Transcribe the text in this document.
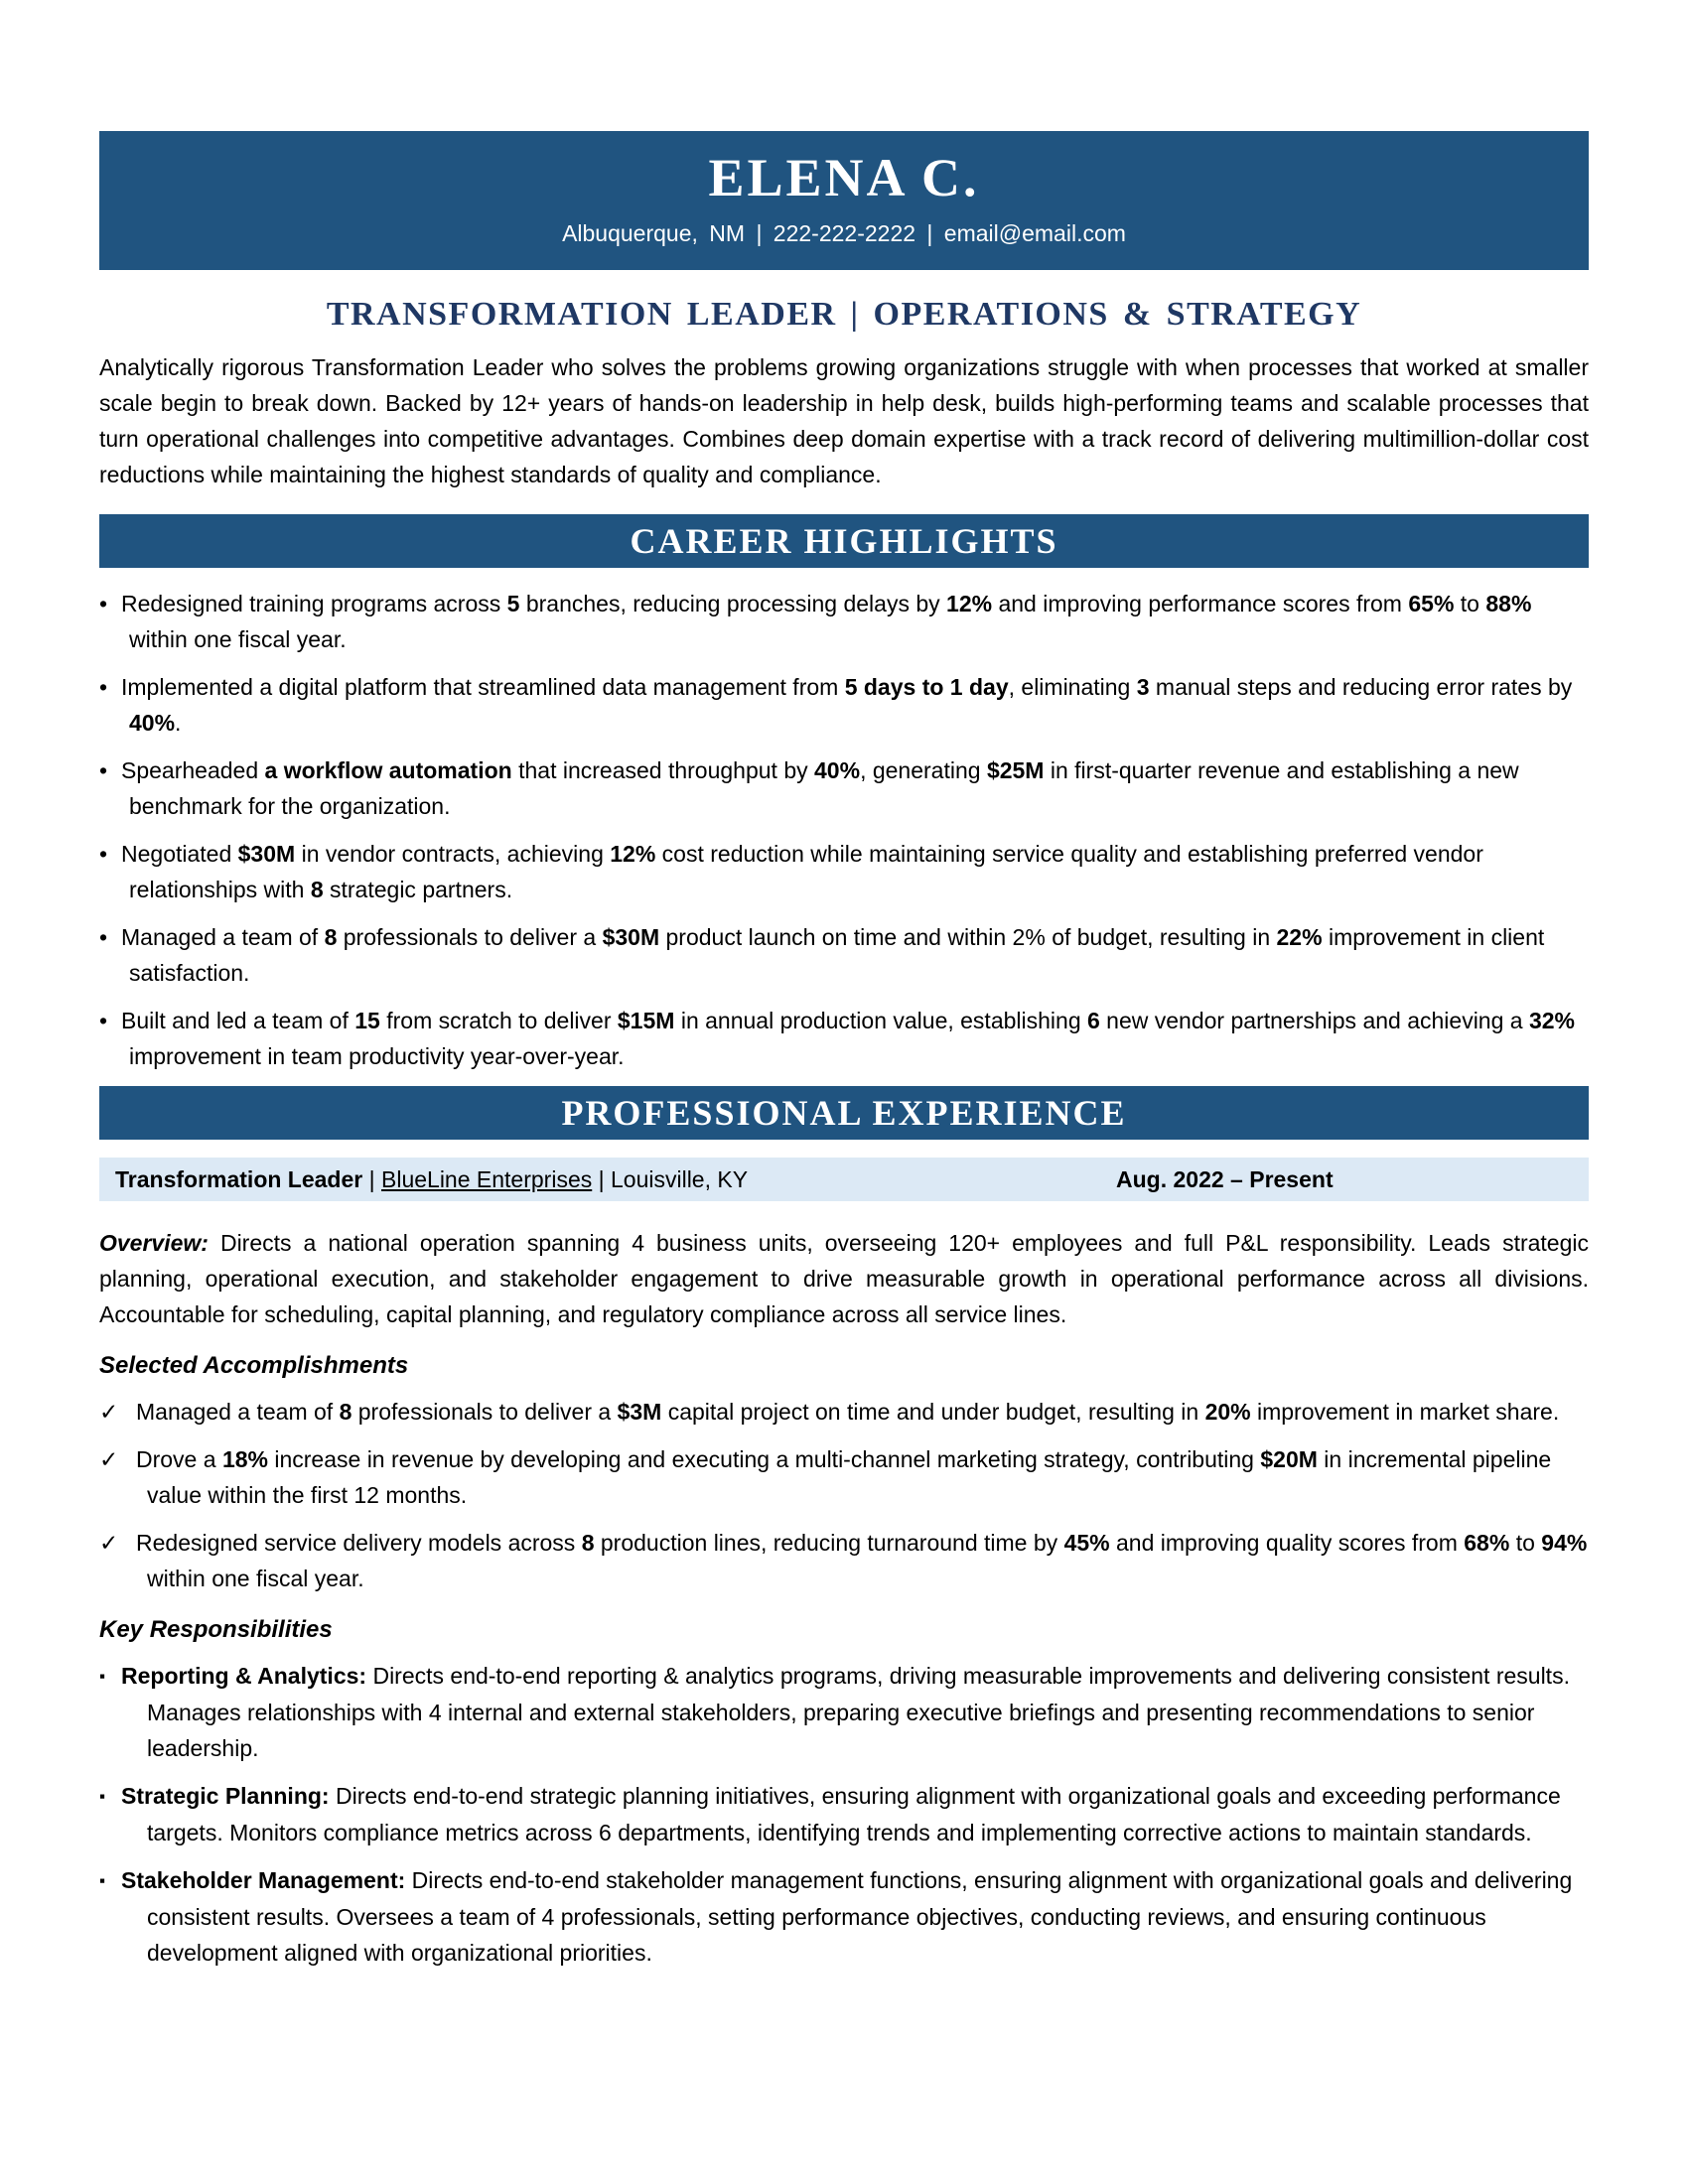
ELENA C.
Albuquerque, NM | 222-222-2222 | email@email.com
TRANSFORMATION LEADER | OPERATIONS & STRATEGY

Analytically rigorous Transformation Leader who solves the problems growing organizations struggle with when processes that worked at smaller scale begin to break down. Backed by 12+ years of hands-on leadership in help desk, builds high-performing teams and scalable processes that turn operational challenges into competitive advantages. Combines deep domain expertise with a track record of delivering multimillion-dollar cost reductions while maintaining the highest standards of quality and compliance.

CAREER HIGHLIGHTS
• Redesigned training programs across 5 branches, reducing processing delays by 12% and improving performance scores from 65% to 88% within one fiscal year.
• Implemented a digital platform that streamlined data management from 5 days to 1 day, eliminating 3 manual steps and reducing error rates by 40%.
• Spearheaded a workflow automation that increased throughput by 40%, generating $25M in first-quarter revenue and establishing a new benchmark for the organization.
• Negotiated $30M in vendor contracts, achieving 12% cost reduction while maintaining service quality and establishing preferred vendor relationships with 8 strategic partners.
• Managed a team of 8 professionals to deliver a $30M product launch on time and within 2% of budget, resulting in 22% improvement in client satisfaction.
• Built and led a team of 15 from scratch to deliver $15M in annual production value, establishing 6 new vendor partnerships and achieving a 32% improvement in team productivity year-over-year.
PROFESSIONAL EXPERIENCE
Transformation Leader | BlueLine Enterprises | Louisville, KY	Aug. 2022 – Present

Overview: Directs a national operation spanning 4 business units, overseeing 120+ employees and full P&L responsibility. Leads strategic planning, operational execution, and stakeholder engagement to drive measurable growth in operational performance across all divisions. Accountable for scheduling, capital planning, and regulatory compliance across all service lines.

Selected Accomplishments
✓ Managed a team of 8 professionals to deliver a $3M capital project on time and under budget, resulting in 20% improvement in market share.
✓ Drove a 18% increase in revenue by developing and executing a multi-channel marketing strategy, contributing $20M in incremental pipeline value within the first 12 months.
✓ Redesigned service delivery models across 8 production lines, reducing turnaround time by 45% and improving quality scores from 68% to 94% within one fiscal year.
Key Responsibilities
▪ Reporting & Analytics: Directs end-to-end reporting & analytics programs, driving measurable improvements and delivering consistent results. Manages relationships with 4 internal and external stakeholders, preparing executive briefings and presenting recommendations to senior leadership.
▪ Strategic Planning: Directs end-to-end strategic planning initiatives, ensuring alignment with organizational goals and exceeding performance targets. Monitors compliance metrics across 6 departments, identifying trends and implementing corrective actions to maintain standards.
▪ Stakeholder Management: Directs end-to-end stakeholder management functions, ensuring alignment with organizational goals and delivering consistent results. Oversees a team of 4 professionals, setting performance objectives, conducting reviews, and ensuring continuous development aligned with organizational priorities.
